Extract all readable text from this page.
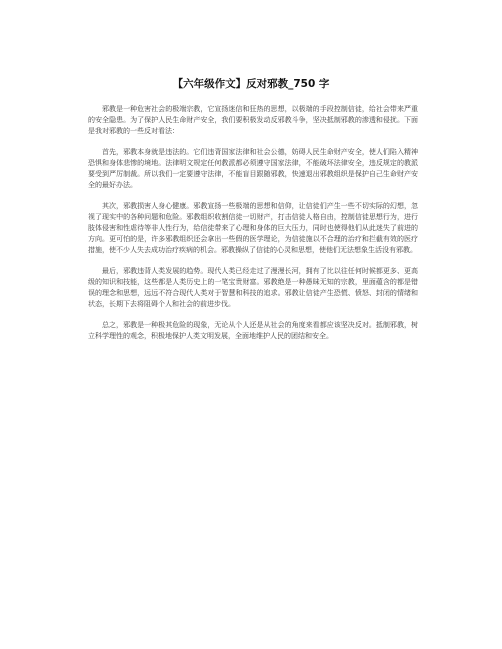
【六年级作文】反对邪教_750 字

邪教是一种危害社会的极端宗教，它宣扬迷信和狂热的思想，以极端的手段控制信徒，给社会带来严重的安全隐患。为了保护人民生命财产安全，我们要积极发动反邪教斗争，坚决抵制邪教的渗透和侵扰。下面是我对邪教的一些反对看法：

首先，邪教本身就是违法的。它们违背国家法律和社会公德，妨碍人民生命财产安全，使人们陷入精神恐惧和身体悲惨的境地。法律明文规定任何教派都必须遵守国家法律，不能破坏法律安全，违反规定的教派要受到严厉制裁。所以我们一定要遵守法律，不能盲目跟随邪教，快速退出邪教组织是保护自己生命财产安全的最好办法。

其次，邪教损害人身心健康。邪教宣扬一些极端的思想和信仰，让信徒们产生一些不切实际的幻想，忽视了现实中的各种问题和危险。邪教组织收割信徒一切财产，打击信徒人格自由，控制信徒思想行为，进行肢体侵害和性虐待等非人性行为，给信徒带来了心理和身体的巨大压力，同时也使得他们从此迷失了前进的方向。更可怕的是，许多邪教组织还会拿出一些假的医学理论，为信徒施以不合理的治疗和拦截有效的医疗措施，使不少人失去成功治疗疾病的机会。邪教操纵了信徒的心灵和思想，使他们无法想象生活没有邪教。

最后，邪教违背人类发展的趋势。现代人类已经走过了漫漫长河，拥有了比以往任何时候都更多、更高级的知识和技能，这些都是人类历史上的一笔宝贵财富。邪教绝是一种愚昧无知的宗教，里面蕴含的都是错误的理念和思想，远远不符合现代人类对于智慧和科技的追求。邪教让信徒产生恐慌、愤怒、封闭的情绪和状态，长期下去将阻碍个人和社会的前进步伐。

总之，邪教是一种极其危险的现象，无论从个人还是从社会的角度来看都应该坚决反对。抵制邪教，树立科学理性的观念，积极地保护人类文明发展，全面地维护人民的团结和安全。
